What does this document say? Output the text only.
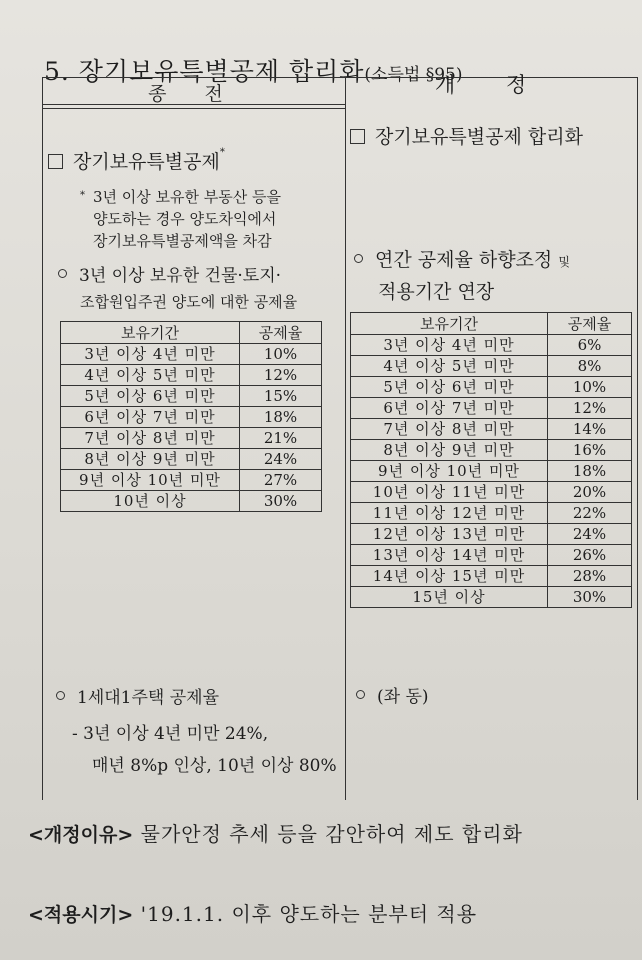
5. 장기보유특별공제 합리화(소득법 §95)
종 전	개 정
장기보유특별공제*
* 3년 이상 보유한 부동산 등을
양도하는 경우 양도차익에서
장기보유특별공제액을 차감
3년 이상 보유한 건물·토지·
조합원입주권 양도에 대한 공제율
보유기간	공제율
3년 이상 4년 미만	10%
4년 이상 5년 미만	12%
5년 이상 6년 미만	15%
6년 이상 7년 미만	18%
7년 이상 8년 미만	21%
8년 이상 9년 미만	24%
9년 이상 10년 미만	27%
10년 이상	30%
1세대1주택 공제율
- 3년 이상 4년 미만 24%,
매년 8%p 인상, 10년 이상 80%
장기보유특별공제 합리화
연간 공제율 하향조정 및
적용기간 연장
보유기간	공제율
3년 이상 4년 미만	6%
4년 이상 5년 미만	8%
5년 이상 6년 미만	10%
6년 이상 7년 미만	12%
7년 이상 8년 미만	14%
8년 이상 9년 미만	16%
9년 이상 10년 미만	18%
10년 이상 11년 미만	20%
11년 이상 12년 미만	22%
12년 이상 13년 미만	24%
13년 이상 14년 미만	26%
14년 이상 15년 미만	28%
15년 이상	30%
(좌 동)
<개정이유> 물가안정 추세 등을 감안하여 제도 합리화
<적용시기> '19.1.1. 이후 양도하는 분부터 적용
